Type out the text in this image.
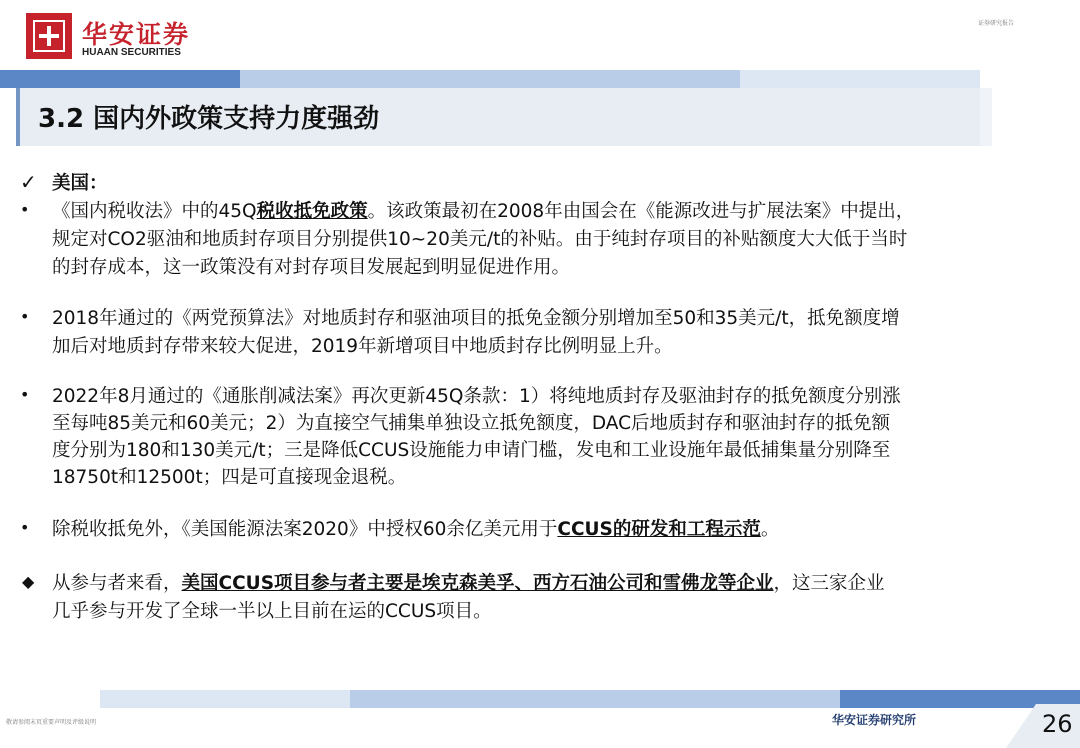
华安证券
HUAAN SECURITIES
证券研究报告
3.2 国内外政策支持力度强劲
✓ 美国：
• 《国内税收法》中的45Q税收抵免政策。该政策最初在2008年由国会在《能源改进与扩展法案》中提出，
规定对CO2驱油和地质封存项目分别提供10~20美元/t的补贴。由于纯封存项目的补贴额度大大低于当时
的封存成本，这一政策没有对封存项目发展起到明显促进作用。
• 2018年通过的《两党预算法》对地质封存和驱油项目的抵免金额分别增加至50和35美元/t，抵免额度增
加后对地质封存带来较大促进，2019年新增项目中地质封存比例明显上升。
• 2022年8月通过的《通胀削减法案》再次更新45Q条款：1）将纯地质封存及驱油封存的抵免额度分别涨
至每吨85美元和60美元；2）为直接空气捕集单独设立抵免额度，DAC后地质封存和驱油封存的抵免额
度分别为180和130美元/t；三是降低CCUS设施能力申请门槛，发电和工业设施年最低捕集量分别降至
18750t和12500t；四是可直接现金退税。
• 除税收抵免外，《美国能源法案2020》中授权60余亿美元用于CCUS的研发和工程示范。
◆ 从参与者来看，美国CCUS项目参与者主要是埃克森美孚、西方石油公司和雪佛龙等企业，这三家企业
几乎参与开发了全球一半以上目前在运的CCUS项目。
敬请参阅末页重要声明及评级说明	华安证券研究所	26
